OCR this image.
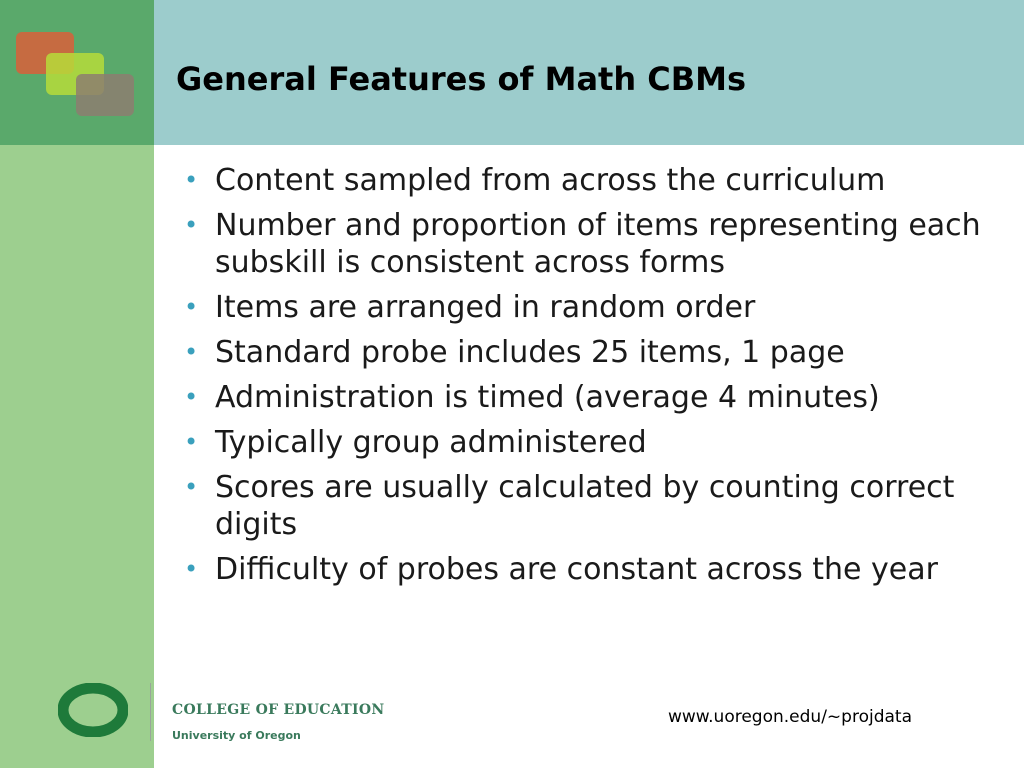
General Features of Math CBMs
• Content sampled from across the curriculum
• Number and proportion of items representing each subskill is consistent across forms
• Items are arranged in random order
• Standard probe includes 25 items, 1 page
• Administration is timed (average 4 minutes)
• Typically group administered
• Scores are usually calculated by counting correct digits
• Difficulty of probes are constant across the year
COLLEGE OF EDUCATION
University of Oregon
www.uoregon.edu/~projdata
